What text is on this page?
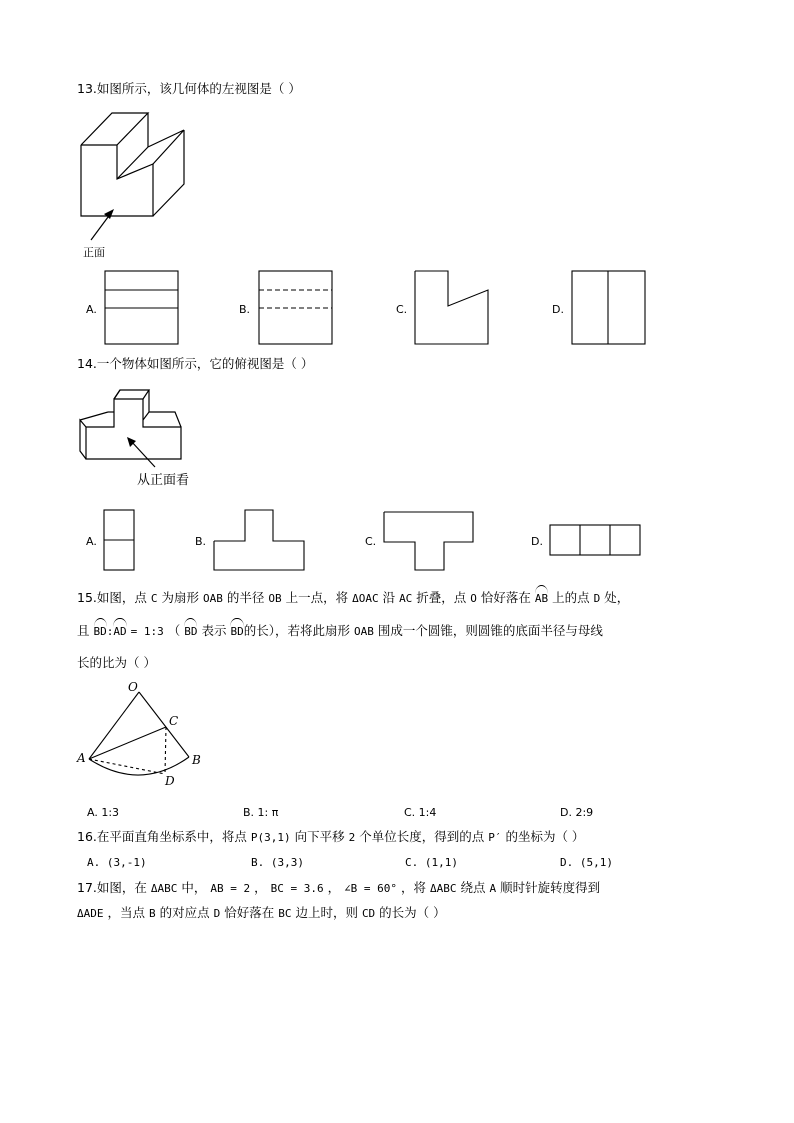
13.如图所示，该几何体的左视图是（ ）
正面
A.	B.	C.	D.
14.一个物体如图所示，它的俯视图是（ ）
从正面看
A.	B.	C.	D.
15.如图，点 C 为扇形 OAB 的半径 OB 上一点，将 ΔOAC 沿 AC 折叠，点 O 恰好落在 AB 上的点 D 处，
且 BD:AD = 1:3 （ BD 表示 BD的长），若将此扇形 OAB 围成一个圆锥，则圆锥的底面半径与母线
长的比为（ ）
O
A
C
B
D
A. 1:3	B. 1: π	C. 1:4	D. 2:9
16.在平面直角坐标系中，将点 P(3,1) 向下平移 2 个单位长度，得到的点 P′ 的坐标为（ ）
A. (3,-1)	B. (3,3)	C. (1,1)	D. (5,1)
17.如图，在 ΔABC 中， AB = 2 ， BC = 3.6 ， ∠B = 60° ，将 ΔABC 绕点 A 顺时针旋转度得到
ΔADE ，当点 B 的对应点 D 恰好落在 BC 边上时，则 CD 的长为（ ）
